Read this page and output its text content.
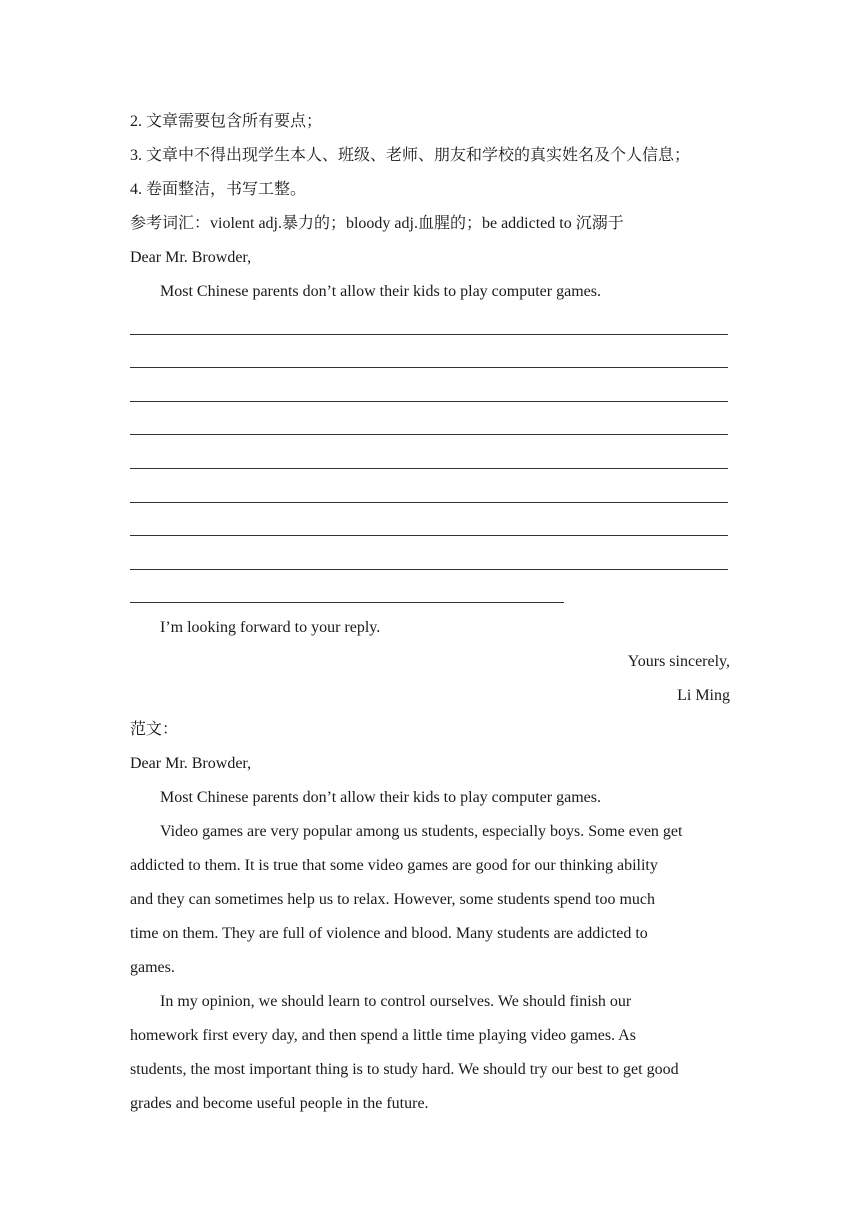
2. 文章需要包含所有要点；
3. 文章中不得出现学生本人、班级、老师、朋友和学校的真实姓名及个人信息；
4. 卷面整洁，书写工整。
参考词汇：violent adj.暴力的；bloody adj.血腥的；be addicted to 沉溺于
Dear Mr. Browder,
Most Chinese parents don’t allow their kids to play computer games.
I’m looking forward to your reply.
Yours sincerely,
Li Ming
范文：
Dear Mr. Browder,
Most Chinese parents don’t allow their kids to play computer games.
Video games are very popular among us students, especially boys. Some even get
addicted to them. It is true that some video games are good for our thinking ability
and they can sometimes help us to relax. However, some students spend too much
time on them. They are full of violence and blood. Many students are addicted to
games.
In my opinion, we should learn to control ourselves. We should finish our
homework first every day, and then spend a little time playing video games. As
students, the most important thing is to study hard. We should try our best to get good
grades and become useful people in the future.
